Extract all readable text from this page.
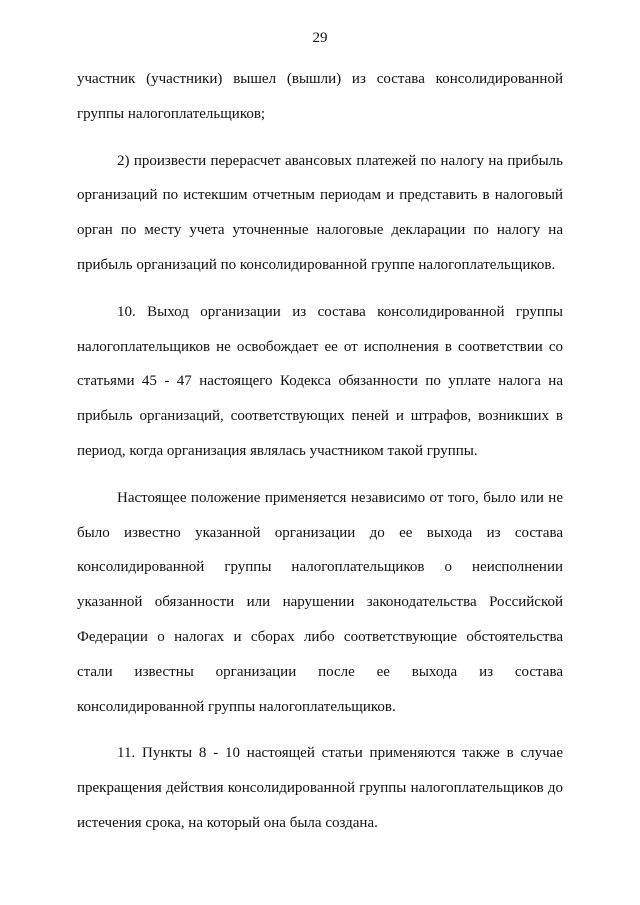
29

участник (участники) вышел (вышли) из состава консолидированной группы налогоплательщиков;

2) произвести перерасчет авансовых платежей по налогу на прибыль организаций по истекшим отчетным периодам и представить в налоговый орган по месту учета уточненные налоговые декларации по налогу на прибыль организаций по консолидированной группе налогоплательщиков.

10. Выход организации из состава консолидированной группы налогоплательщиков не освобождает ее от исполнения в соответствии со статьями 45 - 47 настоящего Кодекса обязанности по уплате налога на прибыль организаций, соответствующих пеней и штрафов, возникших в период, когда организация являлась участником такой группы.

Настоящее положение применяется независимо от того, было или не было известно указанной организации до ее выхода из состава консолидированной группы налогоплательщиков о неисполнении указанной обязанности или нарушении законодательства Российской Федерации о налогах и сборах либо соответствующие обстоятельства стали известны организации после ее выхода из состава консолидированной группы налогоплательщиков.

11. Пункты 8 - 10 настоящей статьи применяются также в случае прекращения действия консолидированной группы налогоплательщиков до истечения срока, на который она была создана.
